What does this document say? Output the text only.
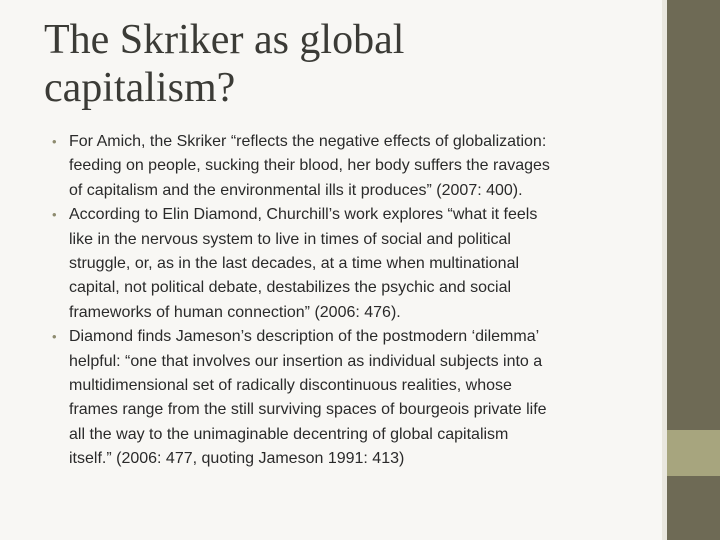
The Skriker as global
capitalism?
• For Amich, the Skriker “reflects the negative effects of globalization:
feeding on people, sucking their blood, her body suffers the ravages
of capitalism and the environmental ills it produces” (2007: 400).
• According to Elin Diamond, Churchill’s work explores “what it feels
like in the nervous system to live in times of social and political
struggle, or, as in the last decades, at a time when multinational
capital, not political debate, destabilizes the psychic and social
frameworks of human connection” (2006: 476).
• Diamond finds Jameson’s description of the postmodern ‘dilemma’
helpful: “one that involves our insertion as individual subjects into a
multidimensional set of radically discontinuous realities, whose
frames range from the still surviving spaces of bourgeois private life
all the way to the unimaginable decentring of global capitalism
itself.” (2006: 477, quoting Jameson 1991: 413)
